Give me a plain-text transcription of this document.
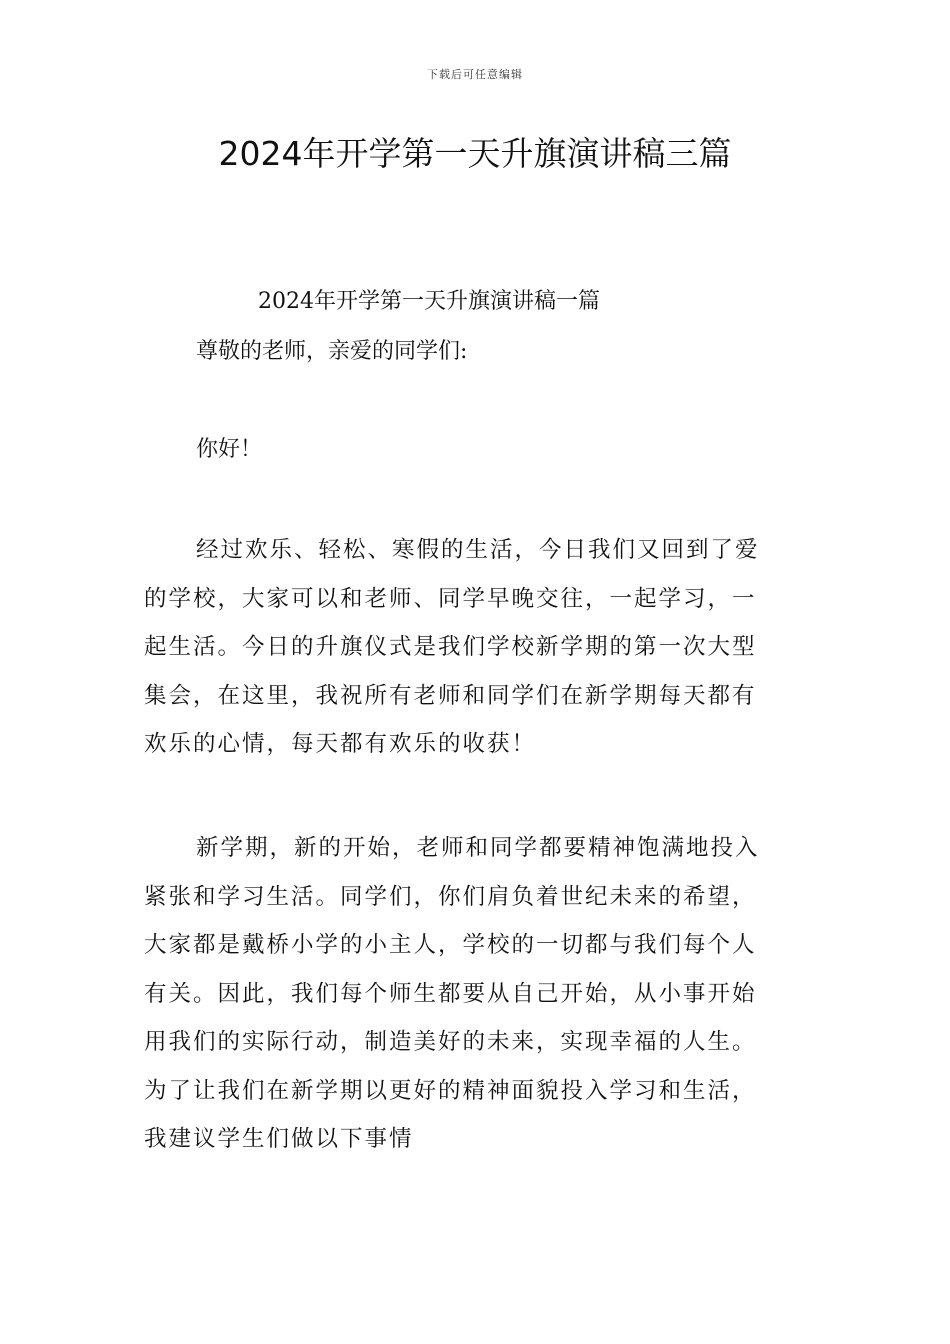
下载后可任意编辑
2024年开学第一天升旗演讲稿三篇
2024年开学第一天升旗演讲稿一篇
尊敬的老师，亲爱的同学们:
你好！
经过欢乐、轻松、寒假的生活，今日我们又回到了爱
的学校，大家可以和老师、同学早晚交往，一起学习，一
起生活。今日的升旗仪式是我们学校新学期的第一次大型
集会，在这里，我祝所有老师和同学们在新学期每天都有
欢乐的心情，每天都有欢乐的收获！
新学期，新的开始，老师和同学都要精神饱满地投入
紧张和学习生活。同学们，你们肩负着世纪未来的希望，
大家都是戴桥小学的小主人，学校的一切都与我们每个人
有关。因此，我们每个师生都要从自己开始，从小事开始
用我们的实际行动，制造美好的未来，实现幸福的人生。
为了让我们在新学期以更好的精神面貌投入学习和生活，
我建议学生们做以下事情
